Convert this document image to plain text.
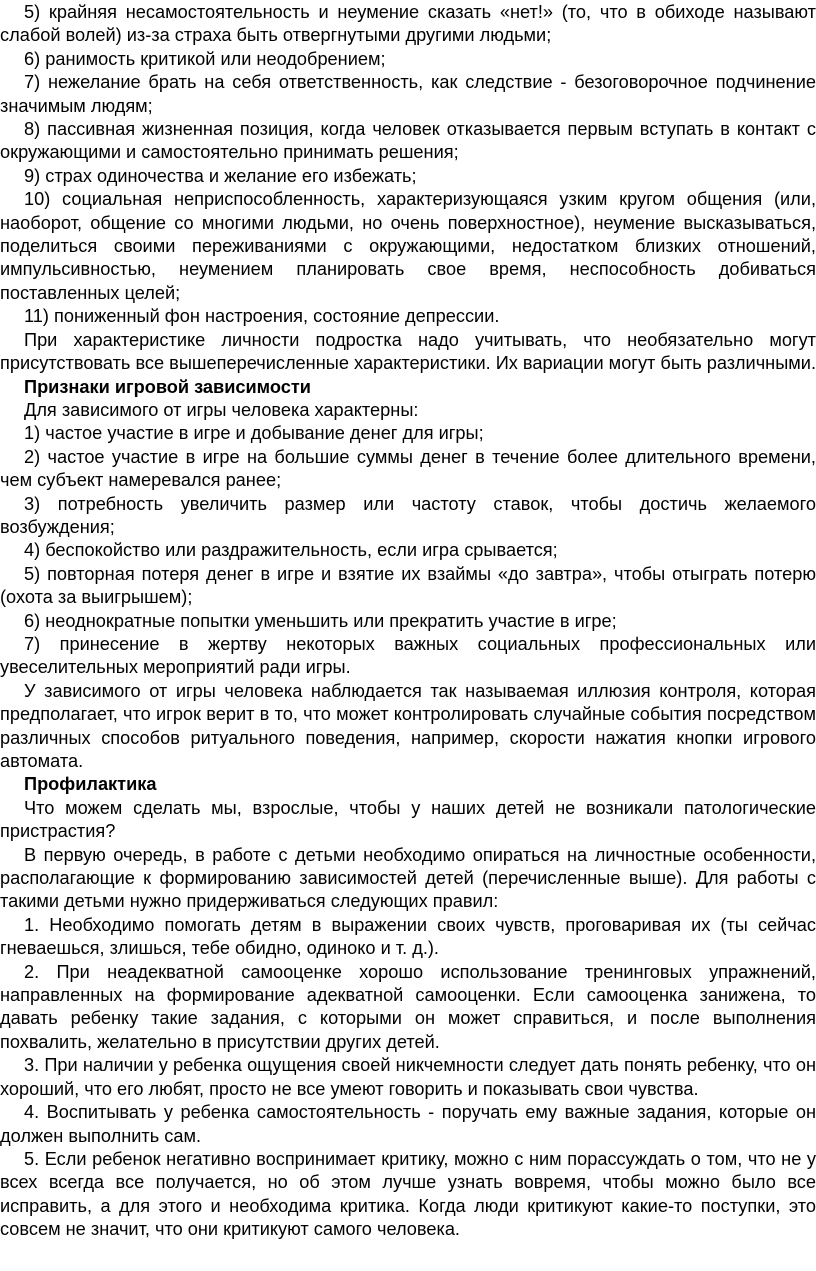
5) крайняя несамостоятельность и неумение сказать «нет!» (то, что в обиходе называют слабой волей) из-за страха быть отвергнутыми другими людьми;

6) ранимость критикой или неодобрением;

7) нежелание брать на себя ответственность, как следствие - безоговорочное подчинение значимым людям;

8) пассивная жизненная позиция, когда человек отказывается первым вступать в контакт с окружающими и самостоятельно принимать решения;

9) страх одиночества и желание его избежать;

10) социальная неприспособленность, характеризующаяся узким кругом общения (или, наоборот, общение со многими людьми, но очень поверхностное), неумение высказываться, поделиться своими переживаниями с окружающими, недостатком близких отношений, импульсивностью, неумением планировать свое время, неспособность добиваться поставленных целей;

11) пониженный фон настроения, состояние депрессии.

При характеристике личности подростка надо учитывать, что необязательно могут присутствовать все вышеперечисленные характеристики. Их вариации могут быть различными.

Признаки игровой зависимости

Для зависимого от игры человека характерны:

1) частое участие в игре и добывание денег для игры;

2) частое участие в игре на большие суммы денег в течение более длительного времени, чем субъект намеревался ранее;

3) потребность увеличить размер или частоту ставок, чтобы достичь желаемого возбуждения;

4) беспокойство или раздражительность, если игра срывается;

5) повторная потеря денег в игре и взятие их взаймы «до завтра», чтобы отыграть потерю (охота за выигрышем);

6) неоднократные попытки уменьшить или прекратить участие в игре;

7) принесение в жертву некоторых важных социальных профессиональных или увеселительных мероприятий ради игры.

У зависимого от игры человека наблюдается так называемая иллюзия контроля, которая предполагает, что игрок верит в то, что может контролировать случайные события посредством различных способов ритуального поведения, например, скорости нажатия кнопки игрового автомата.

Профилактика

Что можем сделать мы, взрослые, чтобы у наших детей не возникали патологические пристрастия?

В первую очередь, в работе с детьми необходимо опираться на личностные особенности, располагающие к формированию зависимостей детей (перечисленные выше). Для работы с такими детьми нужно придерживаться следующих правил:

1. Необходимо помогать детям в выражении своих чувств, проговаривая их (ты сейчас гневаешься, злишься, тебе обидно, одиноко и т. д.).

2. При неадекватной самооценке хорошо использование тренинговых упражнений, направленных на формирование адекватной самооценки. Если самооценка занижена, то давать ребенку такие задания, с которыми он может справиться, и после выполнения похвалить, желательно в присутствии других детей.

3. При наличии у ребенка ощущения своей никчемности следует дать понять ребенку, что он хороший, что его любят, просто не все умеют говорить и показывать свои чувства.

4. Воспитывать у ребенка самостоятельность - поручать ему важные задания, которые он должен выполнить сам.

5. Если ребенок негативно воспринимает критику, можно с ним порассуждать о том, что не у всех всегда все получается, но об этом лучше узнать вовремя, чтобы можно было все исправить, а для этого и необходима критика. Когда люди критикуют какие-то поступки, это совсем не значит, что они критикуют самого человека.
